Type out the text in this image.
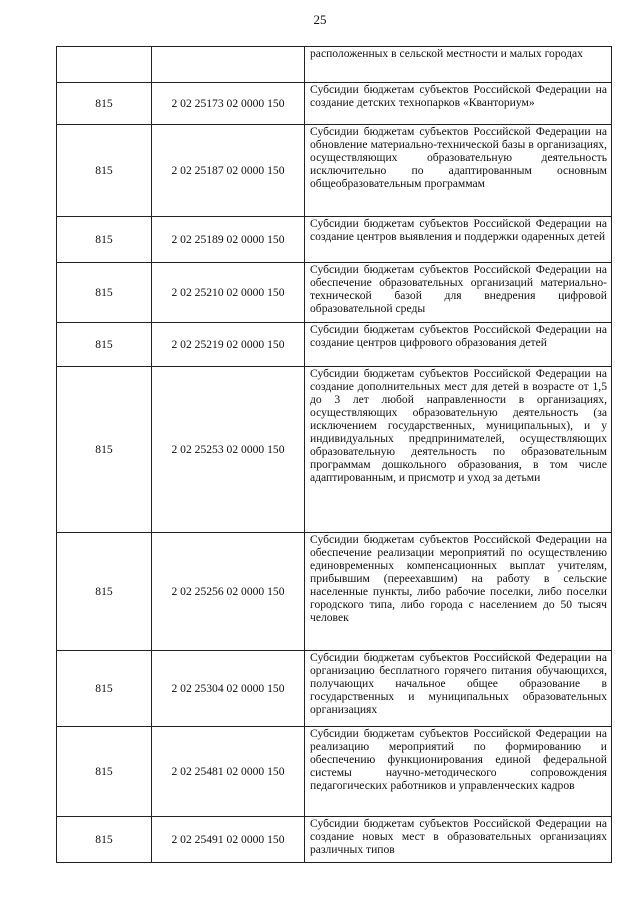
25
		расположенных в сельской местности и малых городах
815	2 02 25173 02 0000 150	Субсидии бюджетам субъектов Российской Федерации на создание детских технопарков «Кванториум»
815	2 02 25187 02 0000 150	Субсидии бюджетам субъектов Российской Федерации на обновление материально-технической базы в организациях, осуществляющих образовательную деятельность исключительно по адаптированным основным общеобразовательным программам
815	2 02 25189 02 0000 150	Субсидии бюджетам субъектов Российской Федерации на создание центров выявления и поддержки одаренных детей
815	2 02 25210 02 0000 150	Субсидии бюджетам субъектов Российской Федерации на обеспечение образовательных организаций материально-технической базой для внедрения цифровой образовательной среды
815	2 02 25219 02 0000 150	Субсидии бюджетам субъектов Российской Федерации на создание центров цифрового образования детей
815	2 02 25253 02 0000 150	Субсидии бюджетам субъектов Российской Федерации на создание дополнительных мест для детей в возрасте от 1,5 до 3 лет любой направленности в организациях, осуществляющих образовательную деятельность (за исключением государственных, муниципальных), и у индивидуальных предпринимателей, осуществляющих образовательную деятельность по образовательным программам дошкольного образования, в том числе адаптированным, и присмотр и уход за детьми
815	2 02 25256 02 0000 150	Субсидии бюджетам субъектов Российской Федерации на обеспечение реализации мероприятий по осуществлению единовременных компенсационных выплат учителям, прибывшим (переехавшим) на работу в сельские населенные пункты, либо рабочие поселки, либо поселки городского типа, либо города с населением до 50 тысяч человек
815	2 02 25304 02 0000 150	Субсидии бюджетам субъектов Российской Федерации на организацию бесплатного горячего питания обучающихся, получающих начальное общее образование в государственных и муниципальных образовательных организациях
815	2 02 25481 02 0000 150	Субсидии бюджетам субъектов Российской Федерации на реализацию мероприятий по формированию и обеспечению функционирования единой федеральной системы научно-методического сопровождения педагогических работников и управленческих кадров
815	2 02 25491 02 0000 150	Субсидии бюджетам субъектов Российской Федерации на создание новых мест в образовательных организациях различных типов
